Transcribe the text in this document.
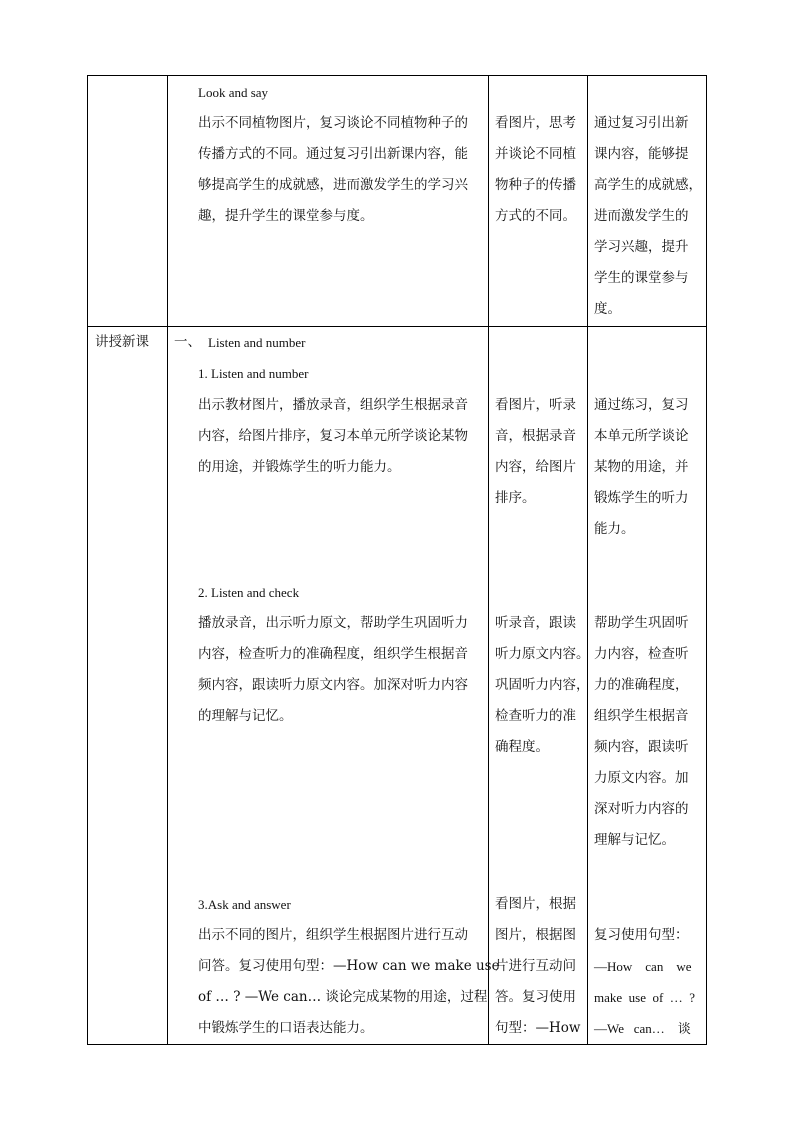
Look and say
出示不同植物图片，复习谈论不同植物种子的
传播方式的不同。通过复习引出新课内容，能
够提高学生的成就感，进而激发学生的学习兴
趣，提升学生的课堂参与度。
看图片，思考
并谈论不同植
物种子的传播
方式的不同。
通过复习引出新
课内容，能够提
高学生的成就感，
进而激发学生的
学习兴趣，提升
学生的课堂参与
度。
讲授新课 一、 Listen and number
1. Listen and number
出示教材图片，播放录音，组织学生根据录音
内容，给图片排序，复习本单元所学谈论某物
的用途，并锻炼学生的听力能力。
看图片，听录
音，根据录音
内容，给图片
排序。
通过练习，复习
本单元所学谈论
某物的用途，并
锻炼学生的听力
能力。
2. Listen and check
播放录音，出示听力原文，帮助学生巩固听力
内容，检查听力的准确程度，组织学生根据音
频内容，跟读听力原文内容。加深对听力内容
的理解与记忆。
听录音，跟读
听力原文内容。
巩固听力内容，
检查听力的准
确程度。
帮助学生巩固听
力内容，检查听
力的准确程度，
组织学生根据音
频内容，跟读听
力原文内容。加
深对听力内容的
理解与记忆。
3.Ask and answer
出示不同的图片，组织学生根据图片进行互动
问答。复习使用句型：—How can we make use
of … ? —We can… 谈论完成某物的用途，过程
中锻炼学生的口语表达能力。
看图片，根据
图片，根据图
片进行互动问
答。复习使用
句型：—How
复习使用句型：
—How    can    we
make  use  of  …  ?
—We   can…    谈
